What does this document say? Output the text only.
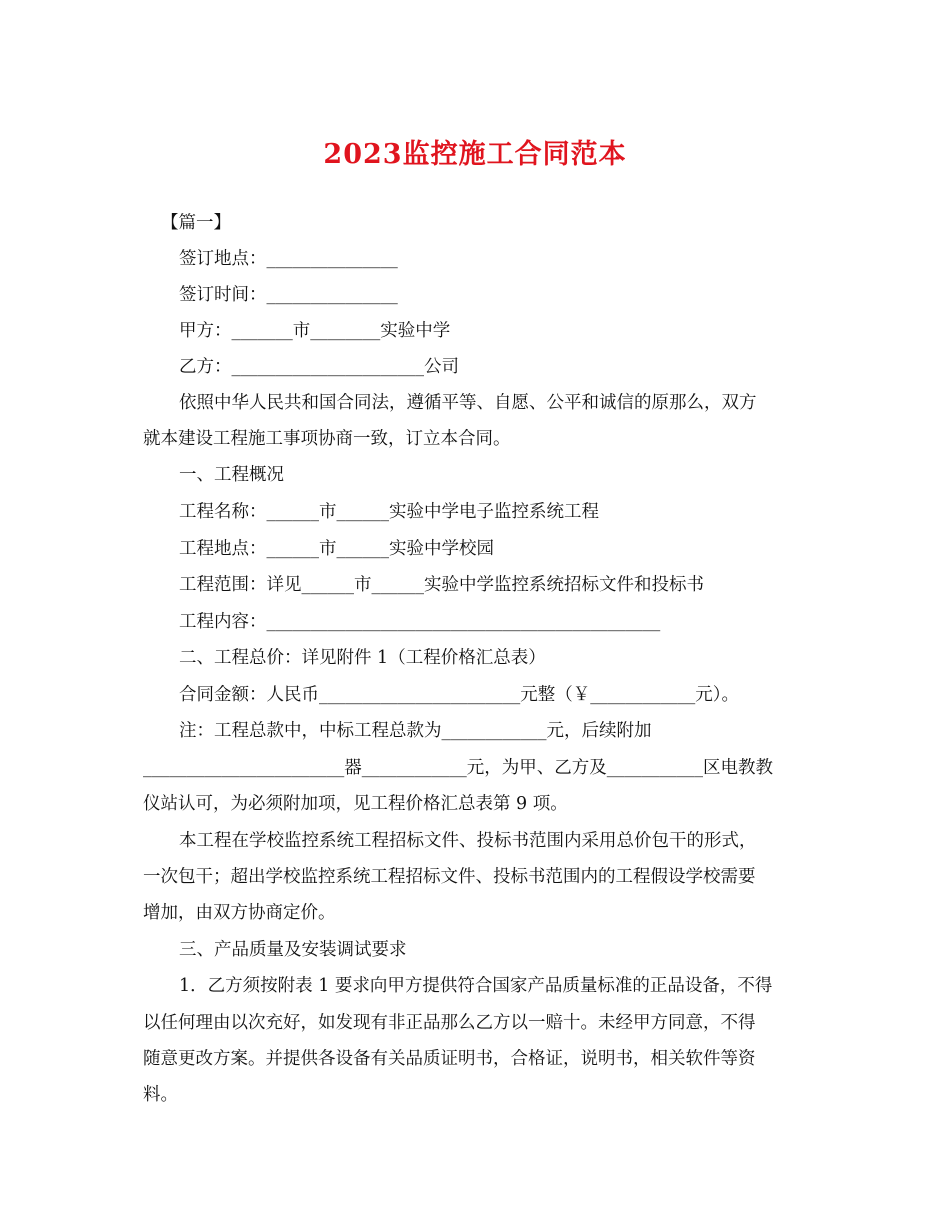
2023监控施工合同范本
【篇一】
签订地点：_______________
签订时间：_______________
甲方：_______市________实验中学
乙方：______________________公司
依照中华人民共和国合同法，遵循平等、自愿、公平和诚信的原那么，双方
就本建设工程施工事项协商一致，订立本合同。
一、工程概况
工程名称：______市______实验中学电子监控系统工程
工程地点：______市______实验中学校园
工程范围：详见______市______实验中学监控系统招标文件和投标书
工程内容：_____________________________________________
二、工程总价：详见附件 1（工程价格汇总表）
合同金额：人民币_______________________元整（￥____________元）。
注：工程总款中，中标工程总款为____________元，后续附加
_______________________器____________元，为甲、乙方及___________区电教教
仪站认可，为必须附加项，见工程价格汇总表第 9 项。
本工程在学校监控系统工程招标文件、投标书范围内采用总价包干的形式，
一次包干；超出学校监控系统工程招标文件、投标书范围内的工程假设学校需要
增加，由双方协商定价。
三、产品质量及安装调试要求
1．乙方须按附表 1 要求向甲方提供符合国家产品质量标准的正品设备，不得
以任何理由以次充好，如发现有非正品那么乙方以一赔十。未经甲方同意，不得
随意更改方案。并提供各设备有关品质证明书，合格证，说明书，相关软件等资
料。
